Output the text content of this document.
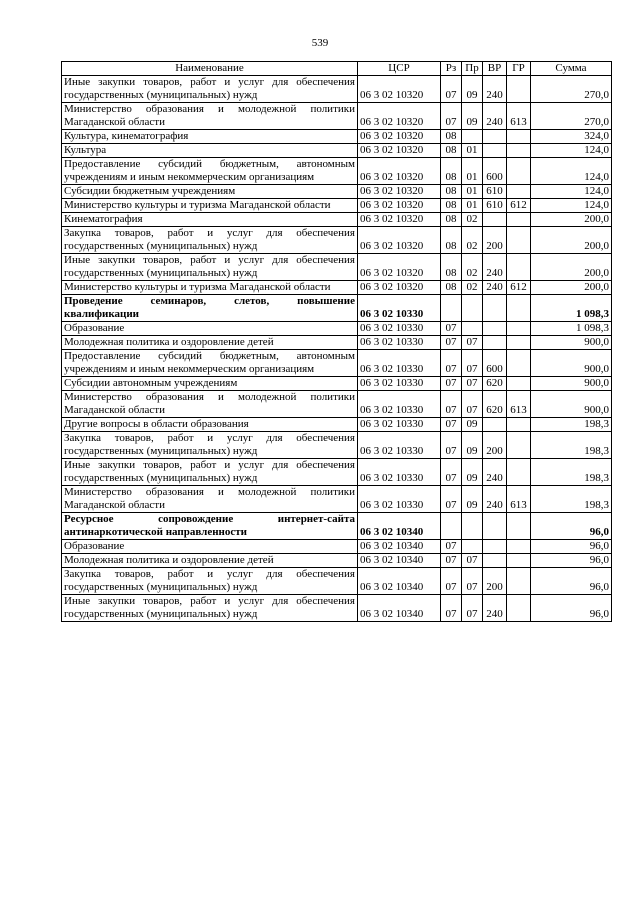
539
Наименование	ЦСР	Рз	Пр	ВР	ГР	Сумма
Иные закупки товаров, работ и услуг для обеспечения государственных (муниципальных) нужд	06 3 02 10320	07	09	240		270,0
Министерство образования и молодежной политики Магаданской области	06 3 02 10320	07	09	240	613	270,0
Культура, кинематография	06 3 02 10320	08				324,0
Культура	06 3 02 10320	08	01			124,0
Предоставление субсидий бюджетным, автономным учреждениям и иным некоммерческим организациям	06 3 02 10320	08	01	600		124,0
Субсидии бюджетным учреждениям	06 3 02 10320	08	01	610		124,0
Министерство культуры и туризма Магаданской области	06 3 02 10320	08	01	610	612	124,0
Кинематография	06 3 02 10320	08	02			200,0
Закупка товаров, работ и услуг для обеспечения государственных (муниципальных) нужд	06 3 02 10320	08	02	200		200,0
Иные закупки товаров, работ и услуг для обеспечения государственных (муниципальных) нужд	06 3 02 10320	08	02	240		200,0
Министерство культуры и туризма Магаданской области	06 3 02 10320	08	02	240	612	200,0
Проведение семинаров, слетов, повышение квалификации	06 3 02 10330					1 098,3
Образование	06 3 02 10330	07				1 098,3
Молодежная политика и оздоровление детей	06 3 02 10330	07	07			900,0
Предоставление субсидий бюджетным, автономным учреждениям и иным некоммерческим организациям	06 3 02 10330	07	07	600		900,0
Субсидии автономным учреждениям	06 3 02 10330	07	07	620		900,0
Министерство образования и молодежной политики Магаданской области	06 3 02 10330	07	07	620	613	900,0
Другие вопросы в области образования	06 3 02 10330	07	09			198,3
Закупка товаров, работ и услуг для обеспечения государственных (муниципальных) нужд	06 3 02 10330	07	09	200		198,3
Иные закупки товаров, работ и услуг для обеспечения государственных (муниципальных) нужд	06 3 02 10330	07	09	240		198,3
Министерство образования и молодежной политики Магаданской области	06 3 02 10330	07	09	240	613	198,3
Ресурсное сопровождение интернет-сайта антинаркотической направленности	06 3 02 10340					96,0
Образование	06 3 02 10340	07				96,0
Молодежная политика и оздоровление детей	06 3 02 10340	07	07			96,0
Закупка товаров, работ и услуг для обеспечения государственных (муниципальных) нужд	06 3 02 10340	07	07	200		96,0
Иные закупки товаров, работ и услуг для обеспечения государственных (муниципальных) нужд	06 3 02 10340	07	07	240		96,0
